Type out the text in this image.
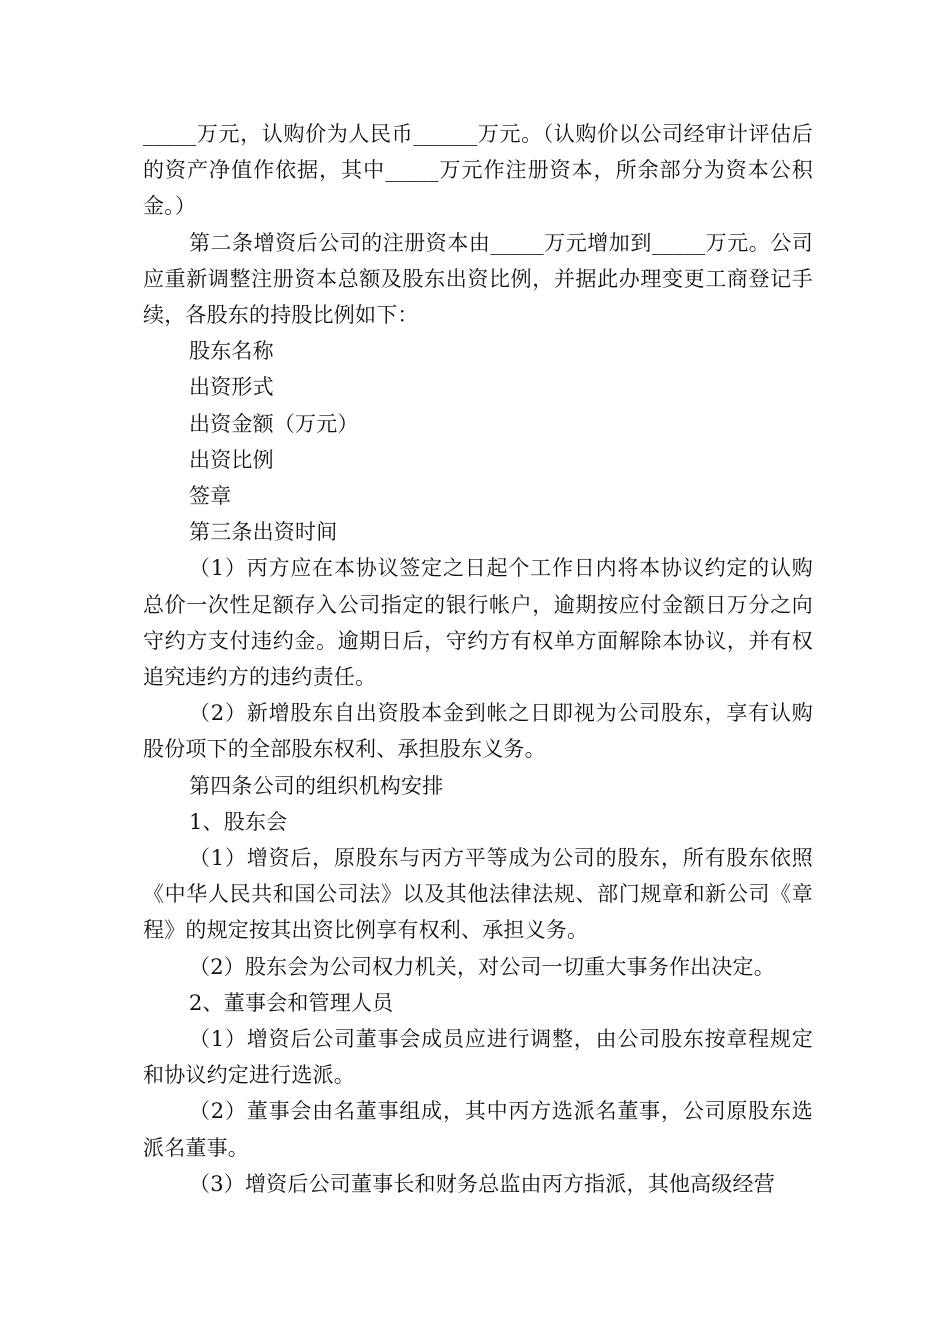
_____万元，认购价为人民币______万元。（认购价以公司经审计评估后的资产净值作依据，其中_____万元作注册资本，所余部分为资本公积金。）

第二条增资后公司的注册资本由_____万元增加到_____万元。公司应重新调整注册资本总额及股东出资比例，并据此办理变更工商登记手续，各股东的持股比例如下：

股东名称

出资形式

出资金额（万元）

出资比例

签章

第三条出资时间

（1）丙方应在本协议签定之日起个工作日内将本协议约定的认购总价一次性足额存入公司指定的银行帐户，逾期按应付金额日万分之向守约方支付违约金。逾期日后，守约方有权单方面解除本协议，并有权追究违约方的违约责任。

（2）新增股东自出资股本金到帐之日即视为公司股东，享有认购股份项下的全部股东权利、承担股东义务。

第四条公司的组织机构安排

1、股东会

（1）增资后，原股东与丙方平等成为公司的股东，所有股东依照《中华人民共和国公司法》以及其他法律法规、部门规章和新公司《章程》的规定按其出资比例享有权利、承担义务。

（2）股东会为公司权力机关，对公司一切重大事务作出决定。

2、董事会和管理人员

（1）增资后公司董事会成员应进行调整，由公司股东按章程规定和协议约定进行选派。

（2）董事会由名董事组成，其中丙方选派名董事，公司原股东选派名董事。

（3）增资后公司董事长和财务总监由丙方指派，其他高级经营
